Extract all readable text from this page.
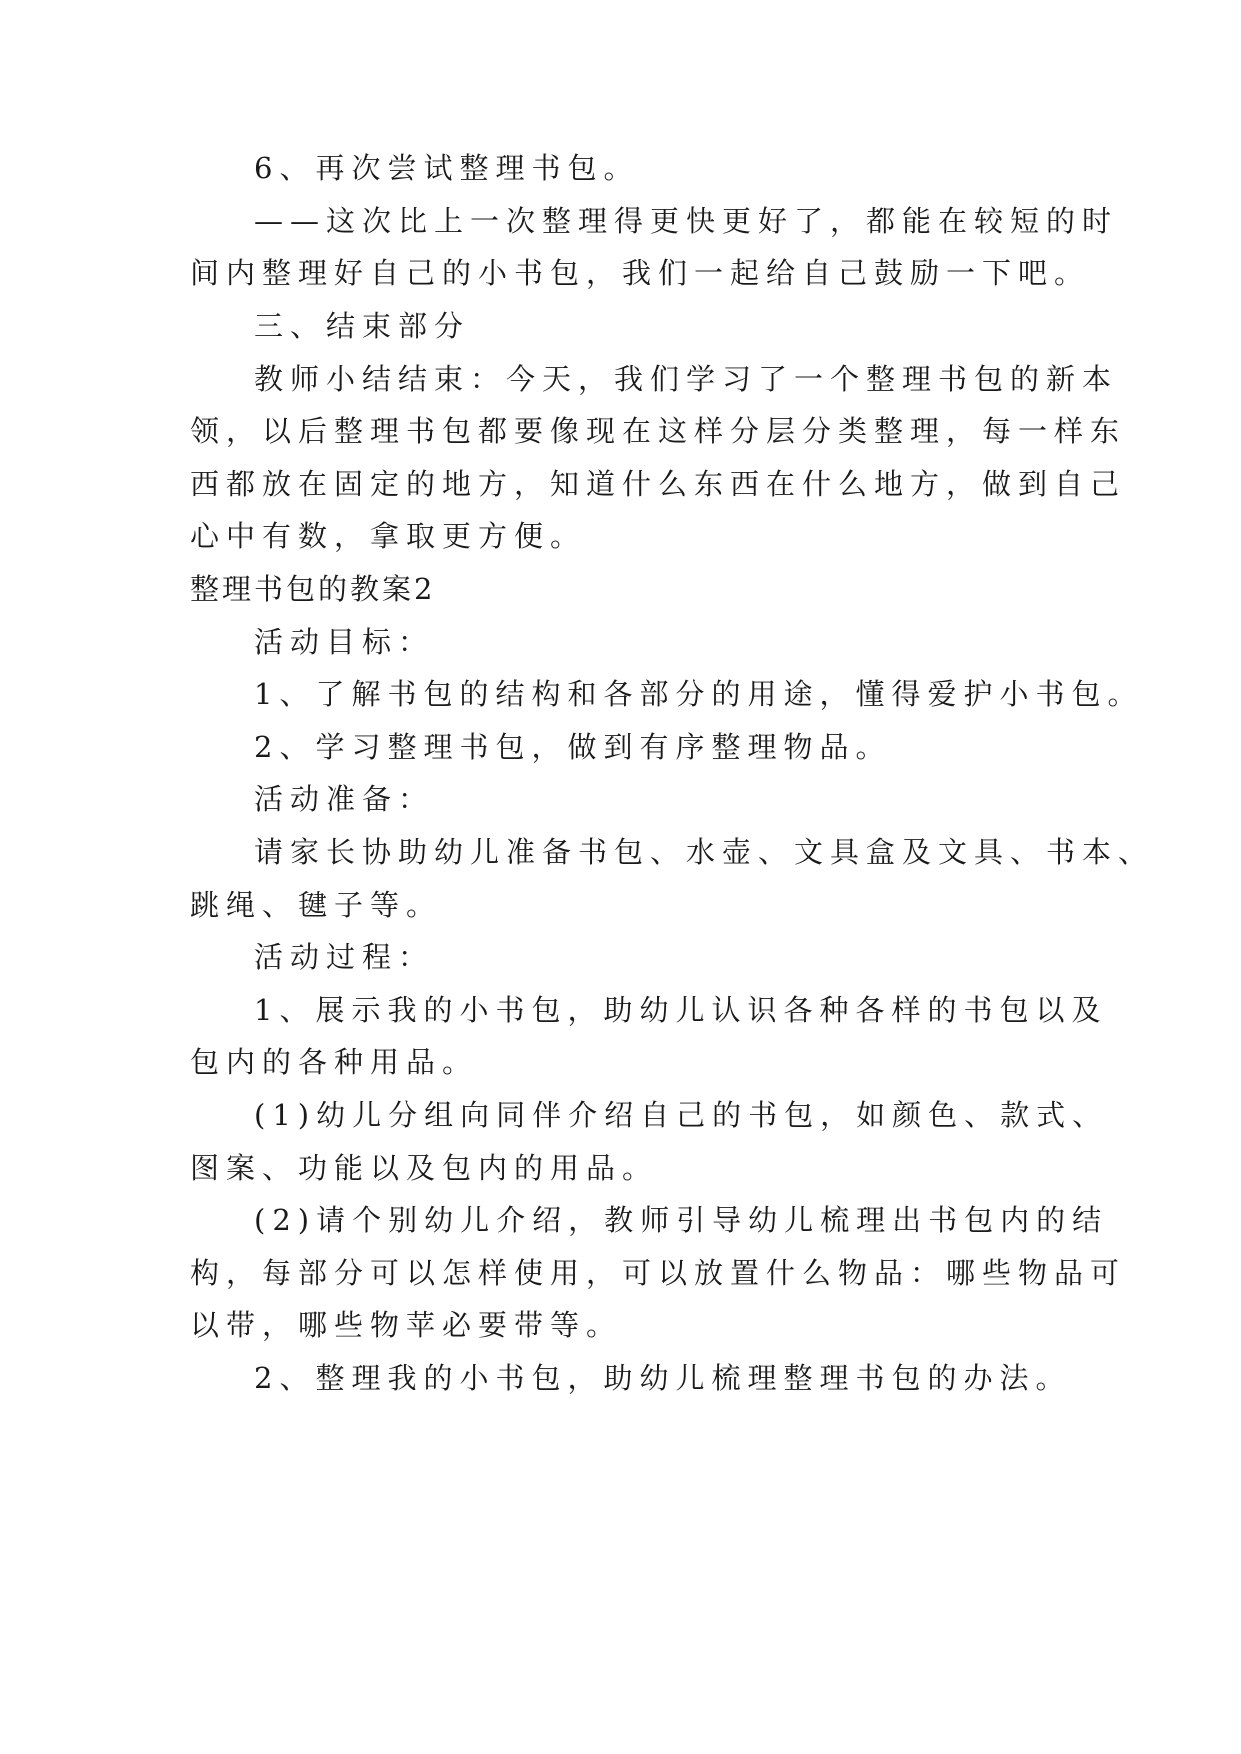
6、再次尝试整理书包。
——这次比上一次整理得更快更好了，都能在较短的时
间内整理好自己的小书包，我们一起给自己鼓励一下吧。
三、结束部分
教师小结结束：今天，我们学习了一个整理书包的新本
领，以后整理书包都要像现在这样分层分类整理，每一样东
西都放在固定的地方，知道什么东西在什么地方，做到自己
心中有数，拿取更方便。
整理书包的教案2
活动目标：
1、了解书包的结构和各部分的用途，懂得爱护小书包。
2、学习整理书包，做到有序整理物品。
活动准备：
请家长协助幼儿准备书包、水壶、文具盒及文具、书本、
跳绳、毽子等。
活动过程：
1、展示我的小书包，助幼儿认识各种各样的书包以及
包内的各种用品。
(1)幼儿分组向同伴介绍自己的书包，如颜色、款式、
图案、功能以及包内的用品。
(2)请个别幼儿介绍，教师引导幼儿梳理出书包内的结
构，每部分可以怎样使用，可以放置什么物品：哪些物品可
以带，哪些物苹必要带等。
2、整理我的小书包，助幼儿梳理整理书包的办法。
